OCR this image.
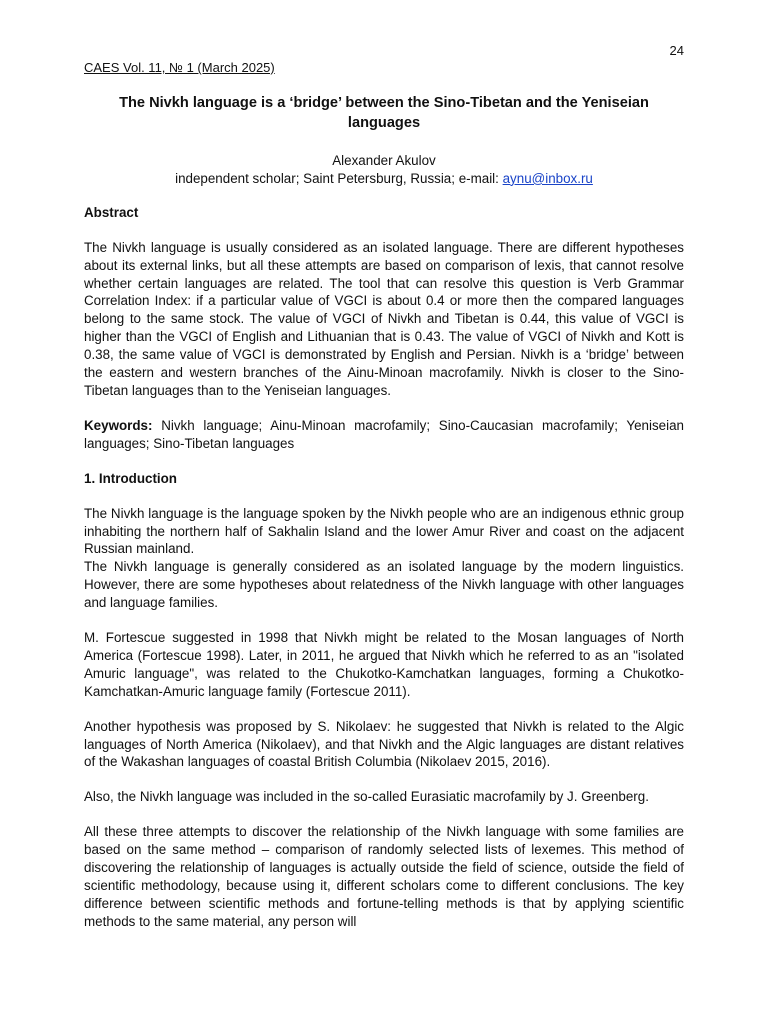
24
CAES Vol. 11, № 1 (March 2025)
The Nivkh language is a ‘bridge’ between the Sino-Tibetan and the Yeniseian languages
Alexander Akulov
independent scholar; Saint Petersburg, Russia; e-mail: aynu@inbox.ru
Abstract
The Nivkh language is usually considered as an isolated language. There are different hypotheses about its external links, but all these attempts are based on comparison of lexis, that cannot resolve whether certain languages are related. The tool that can resolve this question is Verb Grammar Correlation Index: if a particular value of VGCI is about 0.4 or more then the compared languages belong to the same stock. The value of VGCI of Nivkh and Tibetan is 0.44, this value of VGCI is higher than the VGCI of English and Lithuanian that is 0.43. The value of VGCI of Nivkh and Kott is 0.38, the same value of VGCI is demonstrated by English and Persian. Nivkh is a ‘bridge’ between the eastern and western branches of the Ainu-Minoan macrofamily. Nivkh is closer to the Sino-Tibetan languages than to the Yeniseian languages.
Keywords: Nivkh language; Ainu-Minoan macrofamily; Sino-Caucasian macrofamily; Yeniseian languages; Sino-Tibetan languages
1. Introduction
The Nivkh language is the language spoken by the Nivkh people who are an indigenous ethnic group inhabiting the northern half of Sakhalin Island and the lower Amur River and coast on the adjacent Russian mainland.
The Nivkh language is generally considered as an isolated language by the modern linguistics. However, there are some hypotheses about relatedness of the Nivkh language with other languages and language families.
M. Fortescue suggested in 1998 that Nivkh might be related to the Mosan languages of North America (Fortescue 1998). Later, in 2011, he argued that Nivkh which he referred to as an "isolated Amuric language", was related to the Chukotko-Kamchatkan languages, forming a Chukotko-Kamchatkan-Amuric language family (Fortescue 2011).
Another hypothesis was proposed by S. Nikolaev: he suggested that Nivkh is related to the Algic languages of North America (Nikolaev), and that Nivkh and the Algic languages are distant relatives of the Wakashan languages of coastal British Columbia (Nikolaev 2015, 2016).
Also, the Nivkh language was included in the so-called Eurasiatic macrofamily by J. Greenberg.
All these three attempts to discover the relationship of the Nivkh language with some families are based on the same method – comparison of randomly selected lists of lexemes. This method of discovering the relationship of languages is actually outside the field of science, outside the field of scientific methodology, because using it, different scholars come to different conclusions. The key difference between scientific methods and fortune-telling methods is that by applying scientific methods to the same material, any person will
